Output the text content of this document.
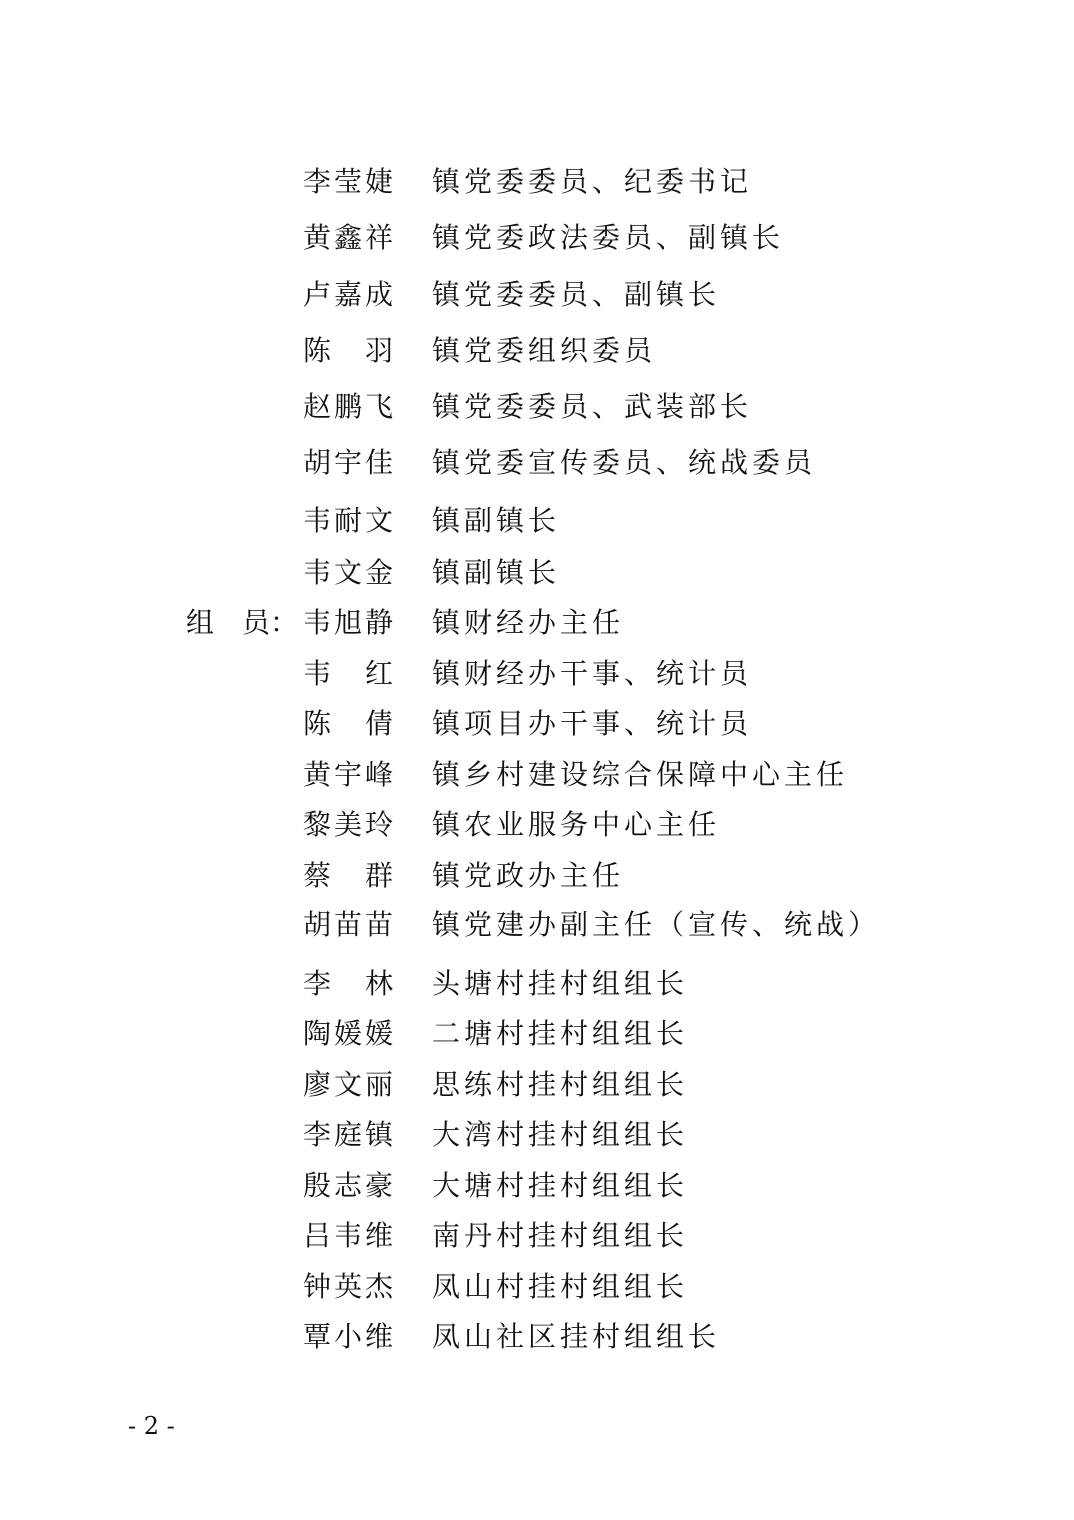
李莹婕 镇党委委员、纪委书记
黄鑫祥 镇党委政法委员、副镇长
卢嘉成 镇党委委员、副镇长
陈　羽 镇党委组织委员
赵鹏飞 镇党委委员、武装部长
胡宇佳 镇党委宣传委员、统战委员
韦耐文 镇副镇长
韦文金 镇副镇长
组　员： 韦旭静 镇财经办主任
韦　红 镇财经办干事、统计员
陈　倩 镇项目办干事、统计员
黄宇峰 镇乡村建设综合保障中心主任
黎美玲 镇农业服务中心主任
蔡　群 镇党政办主任
胡苗苗 镇党建办副主任（宣传、统战）
李　林 头塘村挂村组组长
陶媛媛 二塘村挂村组组长
廖文丽 思练村挂村组组长
李庭镇 大湾村挂村组组长
殷志豪 大塘村挂村组组长
吕韦维 南丹村挂村组组长
钟英杰 凤山村挂村组组长
覃小维 凤山社区挂村组组长
- 2 -
